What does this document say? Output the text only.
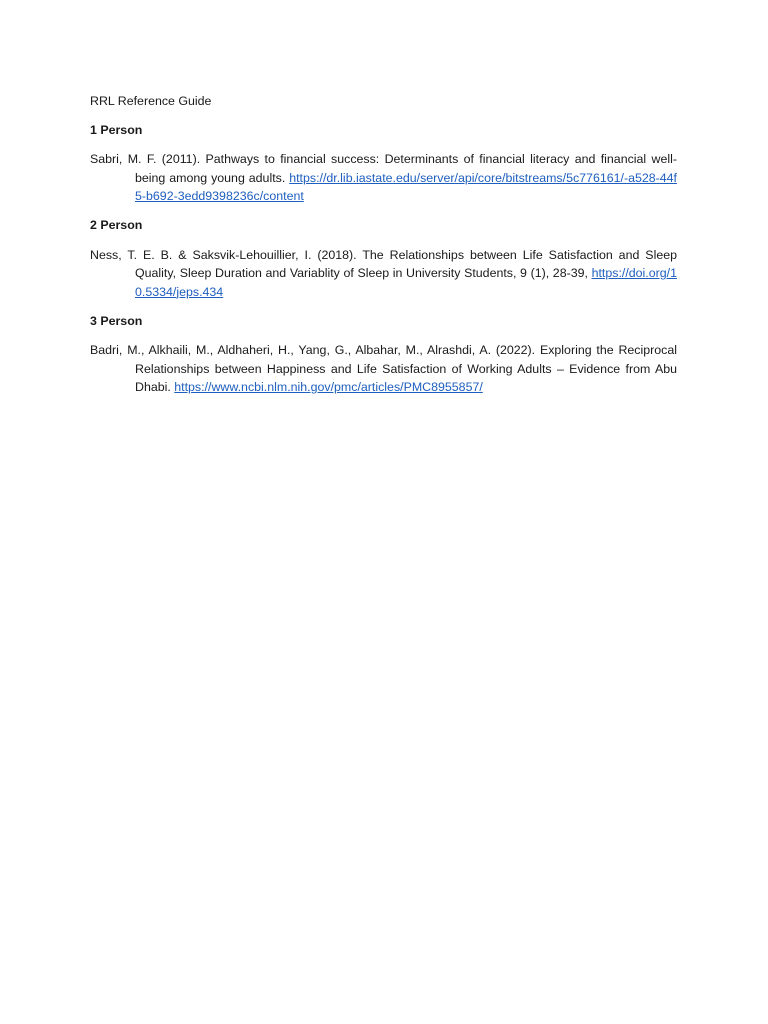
RRL Reference Guide

1 Person

Sabri, M. F. (2011). Pathways to financial success: Determinants of financial literacy and financial well-being among young adults. https://dr.lib.iastate.edu/server/api/core/bitstreams/5c776161/-a528-44f5-b692-3edd9398236c/content

2 Person

Ness, T. E. B. & Saksvik-Lehouillier, I. (2018). The Relationships between Life Satisfaction and Sleep Quality, Sleep Duration and Variablity of Sleep in University Students, 9 (1), 28-39, https://doi.org/10.5334/jeps.434

3 Person

Badri, M., Alkhaili, M., Aldhaheri, H., Yang, G., Albahar, M., Alrashdi, A. (2022). Exploring the Reciprocal Relationships between Happiness and Life Satisfaction of Working Adults – Evidence from Abu Dhabi. https://www.ncbi.nlm.nih.gov/pmc/articles/PMC8955857/
